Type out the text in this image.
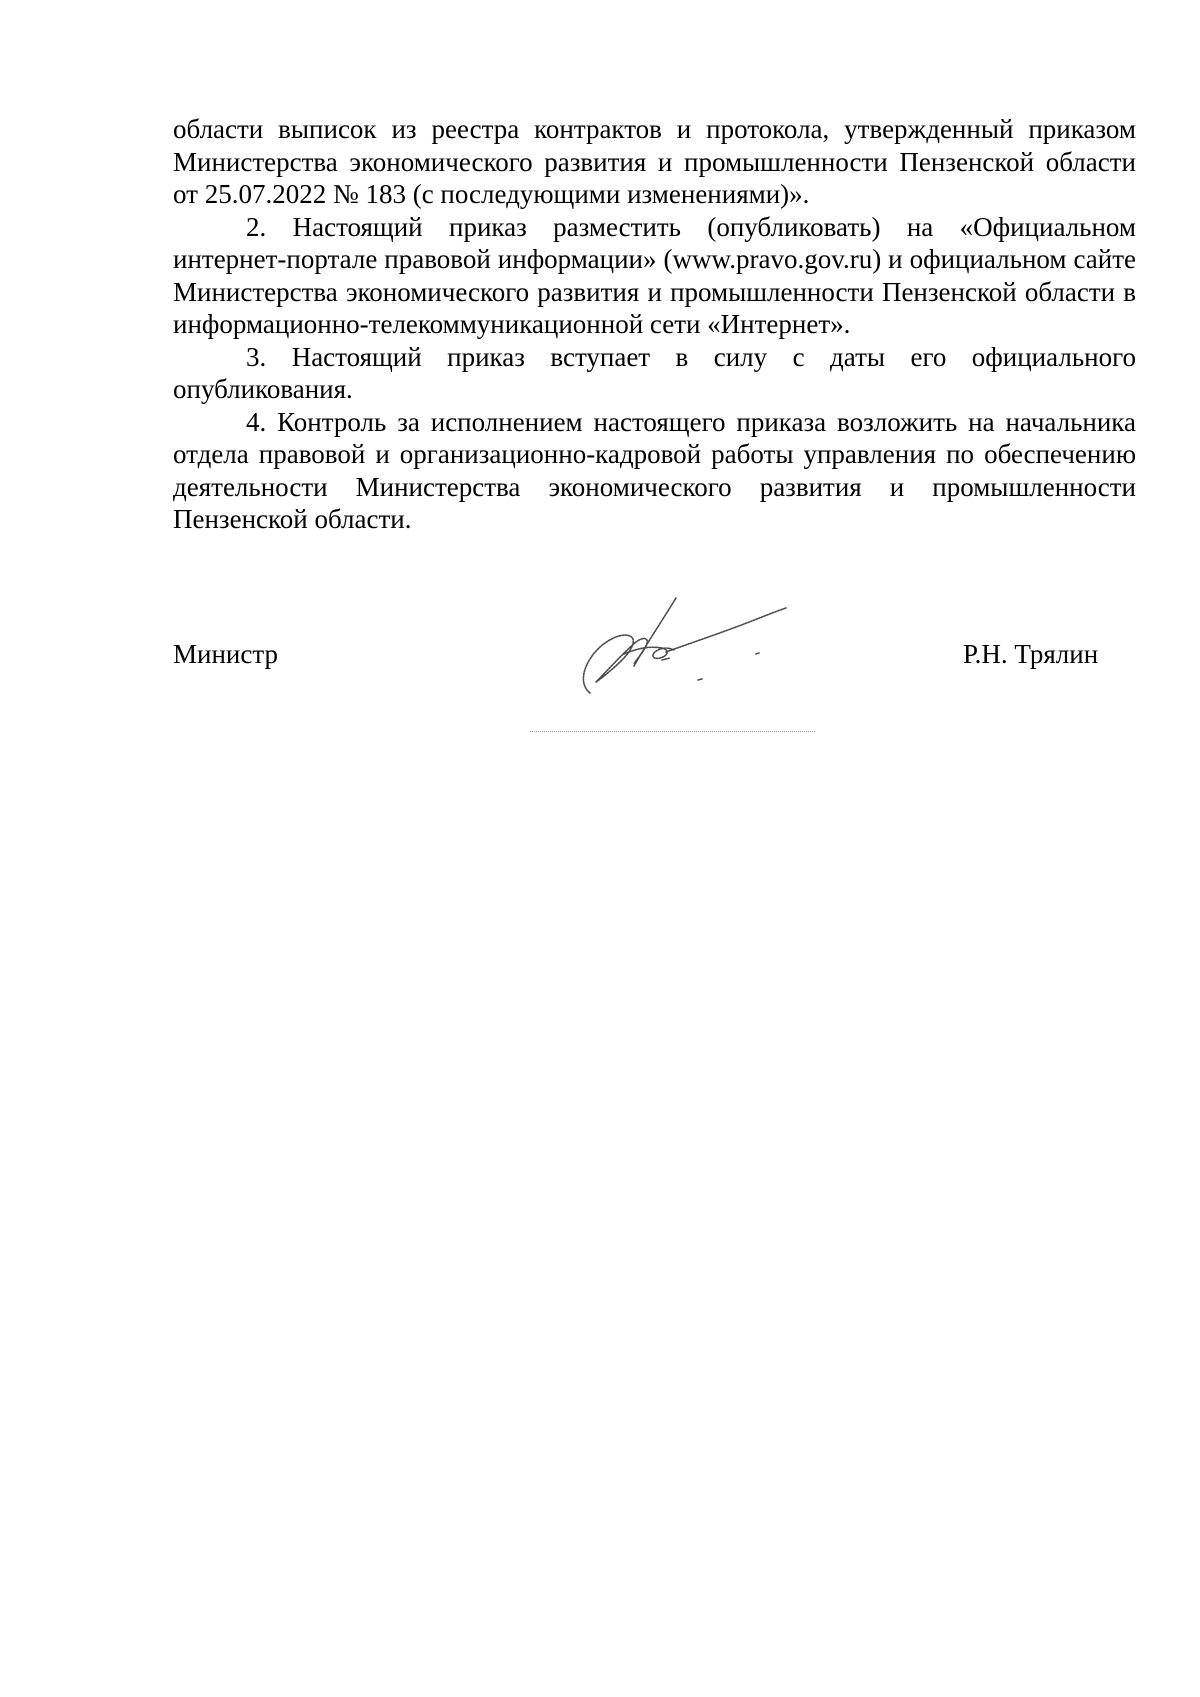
области выписок из реестра контрактов и протокола, утвержденный приказом Министерства экономического развития и промышленности Пензенской области от 25.07.2022 № 183 (с последующими изменениями)».

2. Настоящий приказ разместить (опубликовать) на «Официальном интернет-портале правовой информации» (www.pravo.gov.ru) и официальном сайте Министерства экономического развития и промышленности Пензенской области в информационно-телекоммуникационной сети «Интернет».

3. Настоящий приказ вступает в силу с даты его официального опубликования.

4. Контроль за исполнением настоящего приказа возложить на начальника отдела правовой и организационно-кадровой работы управления по обеспечению деятельности Министерства экономического развития и промышленности Пензенской области.

Министр	Р.Н. Трялин
